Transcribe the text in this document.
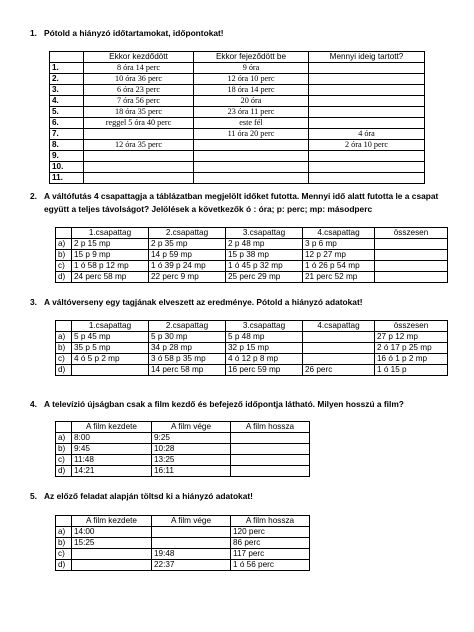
1. Pótold a hiányzó időtartamokat, időpontokat!
	Ekkor kezdődött	Ekkor fejeződött be	Mennyi ideig tartott?
1.	8 óra 14 perc	9 óra	
2.	10 óra 36 perc	12 óra 10 perc	
3.	6 óra 23 perc	18 óra 14 perc	
4.	7 óra 56 perc	20 óra	
5.	18 óra 35 perc	23 óra 11 perc	
6.	reggel 5 óra 40 perc	este fél	
7.		11 óra 20 perc	4 óra
8.	12 óra 35 perc		2 óra 10 perc
9.			
10.			
11.			
2. A váltófutás 4 csapattagja a táblázatban megjelölt időket futotta. Mennyi idő alatt futotta le a csapat
együtt a teljes távolságot? Jelölések a következők ó : óra; p: perc; mp: másodperc
	1.csapattag	2.csapattag	3.csapattag	4.csapattag	összesen
a)	2 p 15 mp	2 p 35 mp	2 p 48 mp	3 p 6 mp	
b)	15 p 9 mp	14 p 59 mp	15 p 38 mp	12 p 27 mp	
c)	1 ó 58 p 12 mp	1 ó 39 p 24 mp	1 ó 45 p 32 mp	1 ó 26 p 54 mp	
d)	24 perc 58 mp	22 perc 9 mp	25 perc 29 mp	21 perc 52 mp	
3. A váltóverseny egy tagjának elveszett az eredménye. Pótold a hiányzó adatokat!
	1.csapattag	2.csapattag	3.csapattag	4.csapattag	összesen
a)	5 p 45 mp	5 p 30 mp	5 p 48 mp		27 p 12 mp
b)	35 p 5 mp	34 p 28 mp	32 p 15 mp		2 ó 17 p 25 mp
c)	4 ó 5 p 2 mp	3 ó 58 p 35 mp	4 ó 12 p 8 mp		16 ó 1 p 2 mp
d)		14 perc 58 mp	16 perc 59 mp	26 perc	1 ó 15 p
4. A televízió újságban csak a film kezdő és befejező időpontja látható. Milyen hosszú a film?
	A film kezdete	A film vége	A film hossza
a)	8:00	9:25	
b)	9:45	10:28	
c)	11:48	13:25	
d)	14:21	16:11	
5. Az előző feladat alapján töltsd ki a hiányzó adatokat!
	A film kezdete	A film vége	A film hossza
a)	14:00		120 perc
b)	15:25		86 perc
c)		19:48	117 perc
d)		22:37	1 ó 56 perc
